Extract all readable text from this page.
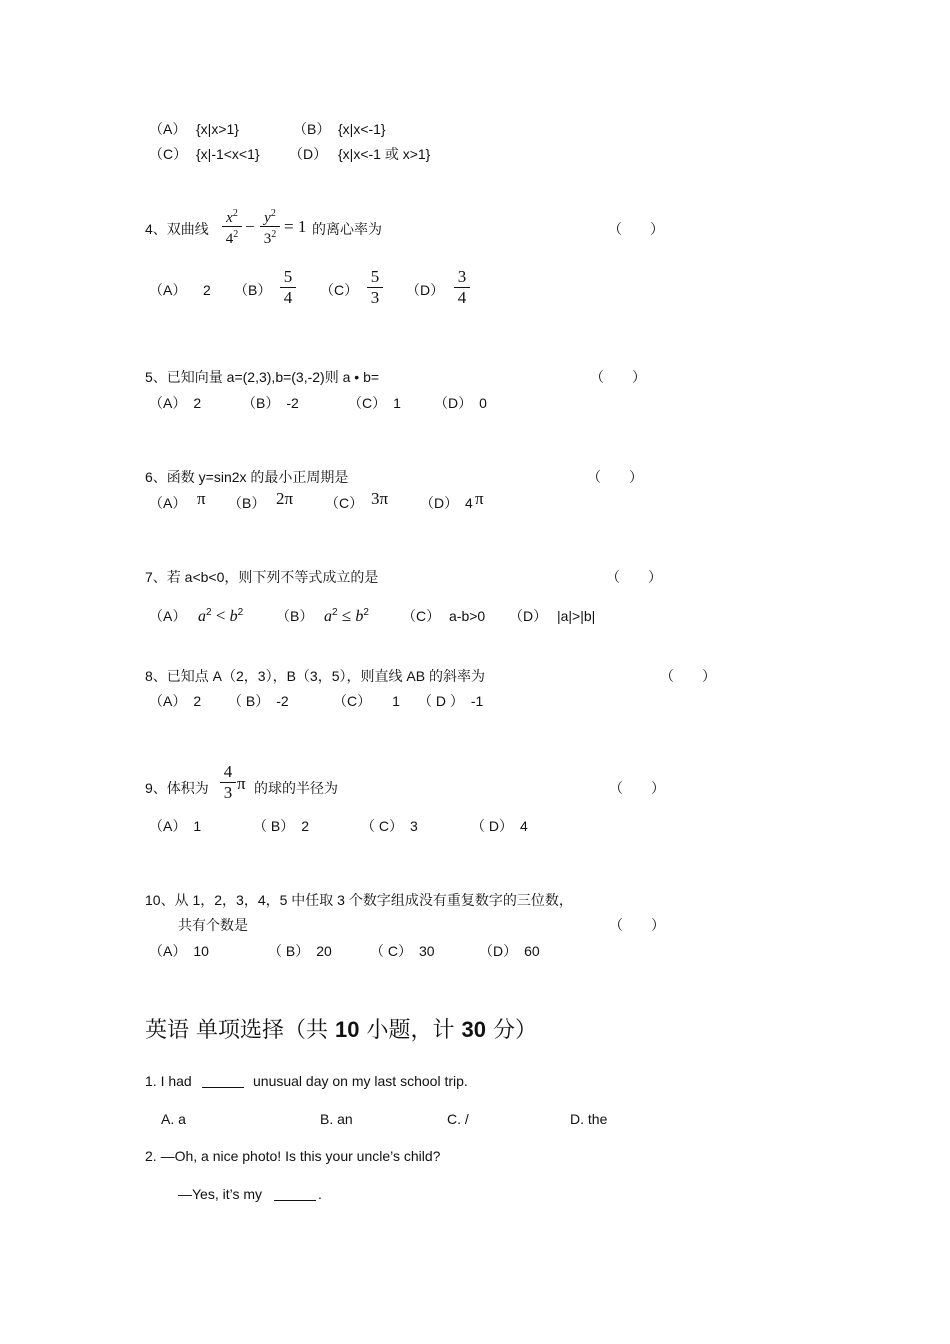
（A） {x|x>1}	（B） {x|x<-1}
（C） {x|-1<x<1} （D） {x|x<-1 或 x>1}
4、双曲线
$x^2$
$4^2 - y^2$
$3^2 = 1$ 的离心率为	（　　）
（A） 2 （B）
5
4 （C）
5
3 （D）
3
4
5、已知向量 a=(2,3),b=(3,-2)则 a • b=	（　　）
（A）　2	（B）　-2	（C）　1 （D）　0
6、函数 y=sin2x 的最小正周期是	（　　）
（A） π （B） 2π （C） 3π （D） 4 π
7、若 a<b<0，则下列不等式成立的是	（　　）
（A） $a^2 < b^2$ （B） $a^2 \le b^2$ （C） a-b>0 （D） |a|>|b|
8、已知点 A（2，3），B（3，5），则直线 AB 的斜率为	（　　）
（A）　2 （ B）　-2	（C）　　1 （ D ）　-1
9、体积为
4
3 π 的球的半径为	（　　）
（A）　1	（ B）　2	（ C）　3	（ D）　4
10、从 1，2，3，4，5 中任取 3 个数字组成没有重复数字的三位数，
共有个数是	（　　）
（A）　10	（ B）　20	（ C）　30	（D）　60
英语 单项选择（共 10 小题，计 30 分）
1. I had	unusual day on my last school trip.
A. a	B. an	C. /	D. the
2. —Oh, a nice photo! Is this your uncle’s child?
—Yes, it’s my	.
